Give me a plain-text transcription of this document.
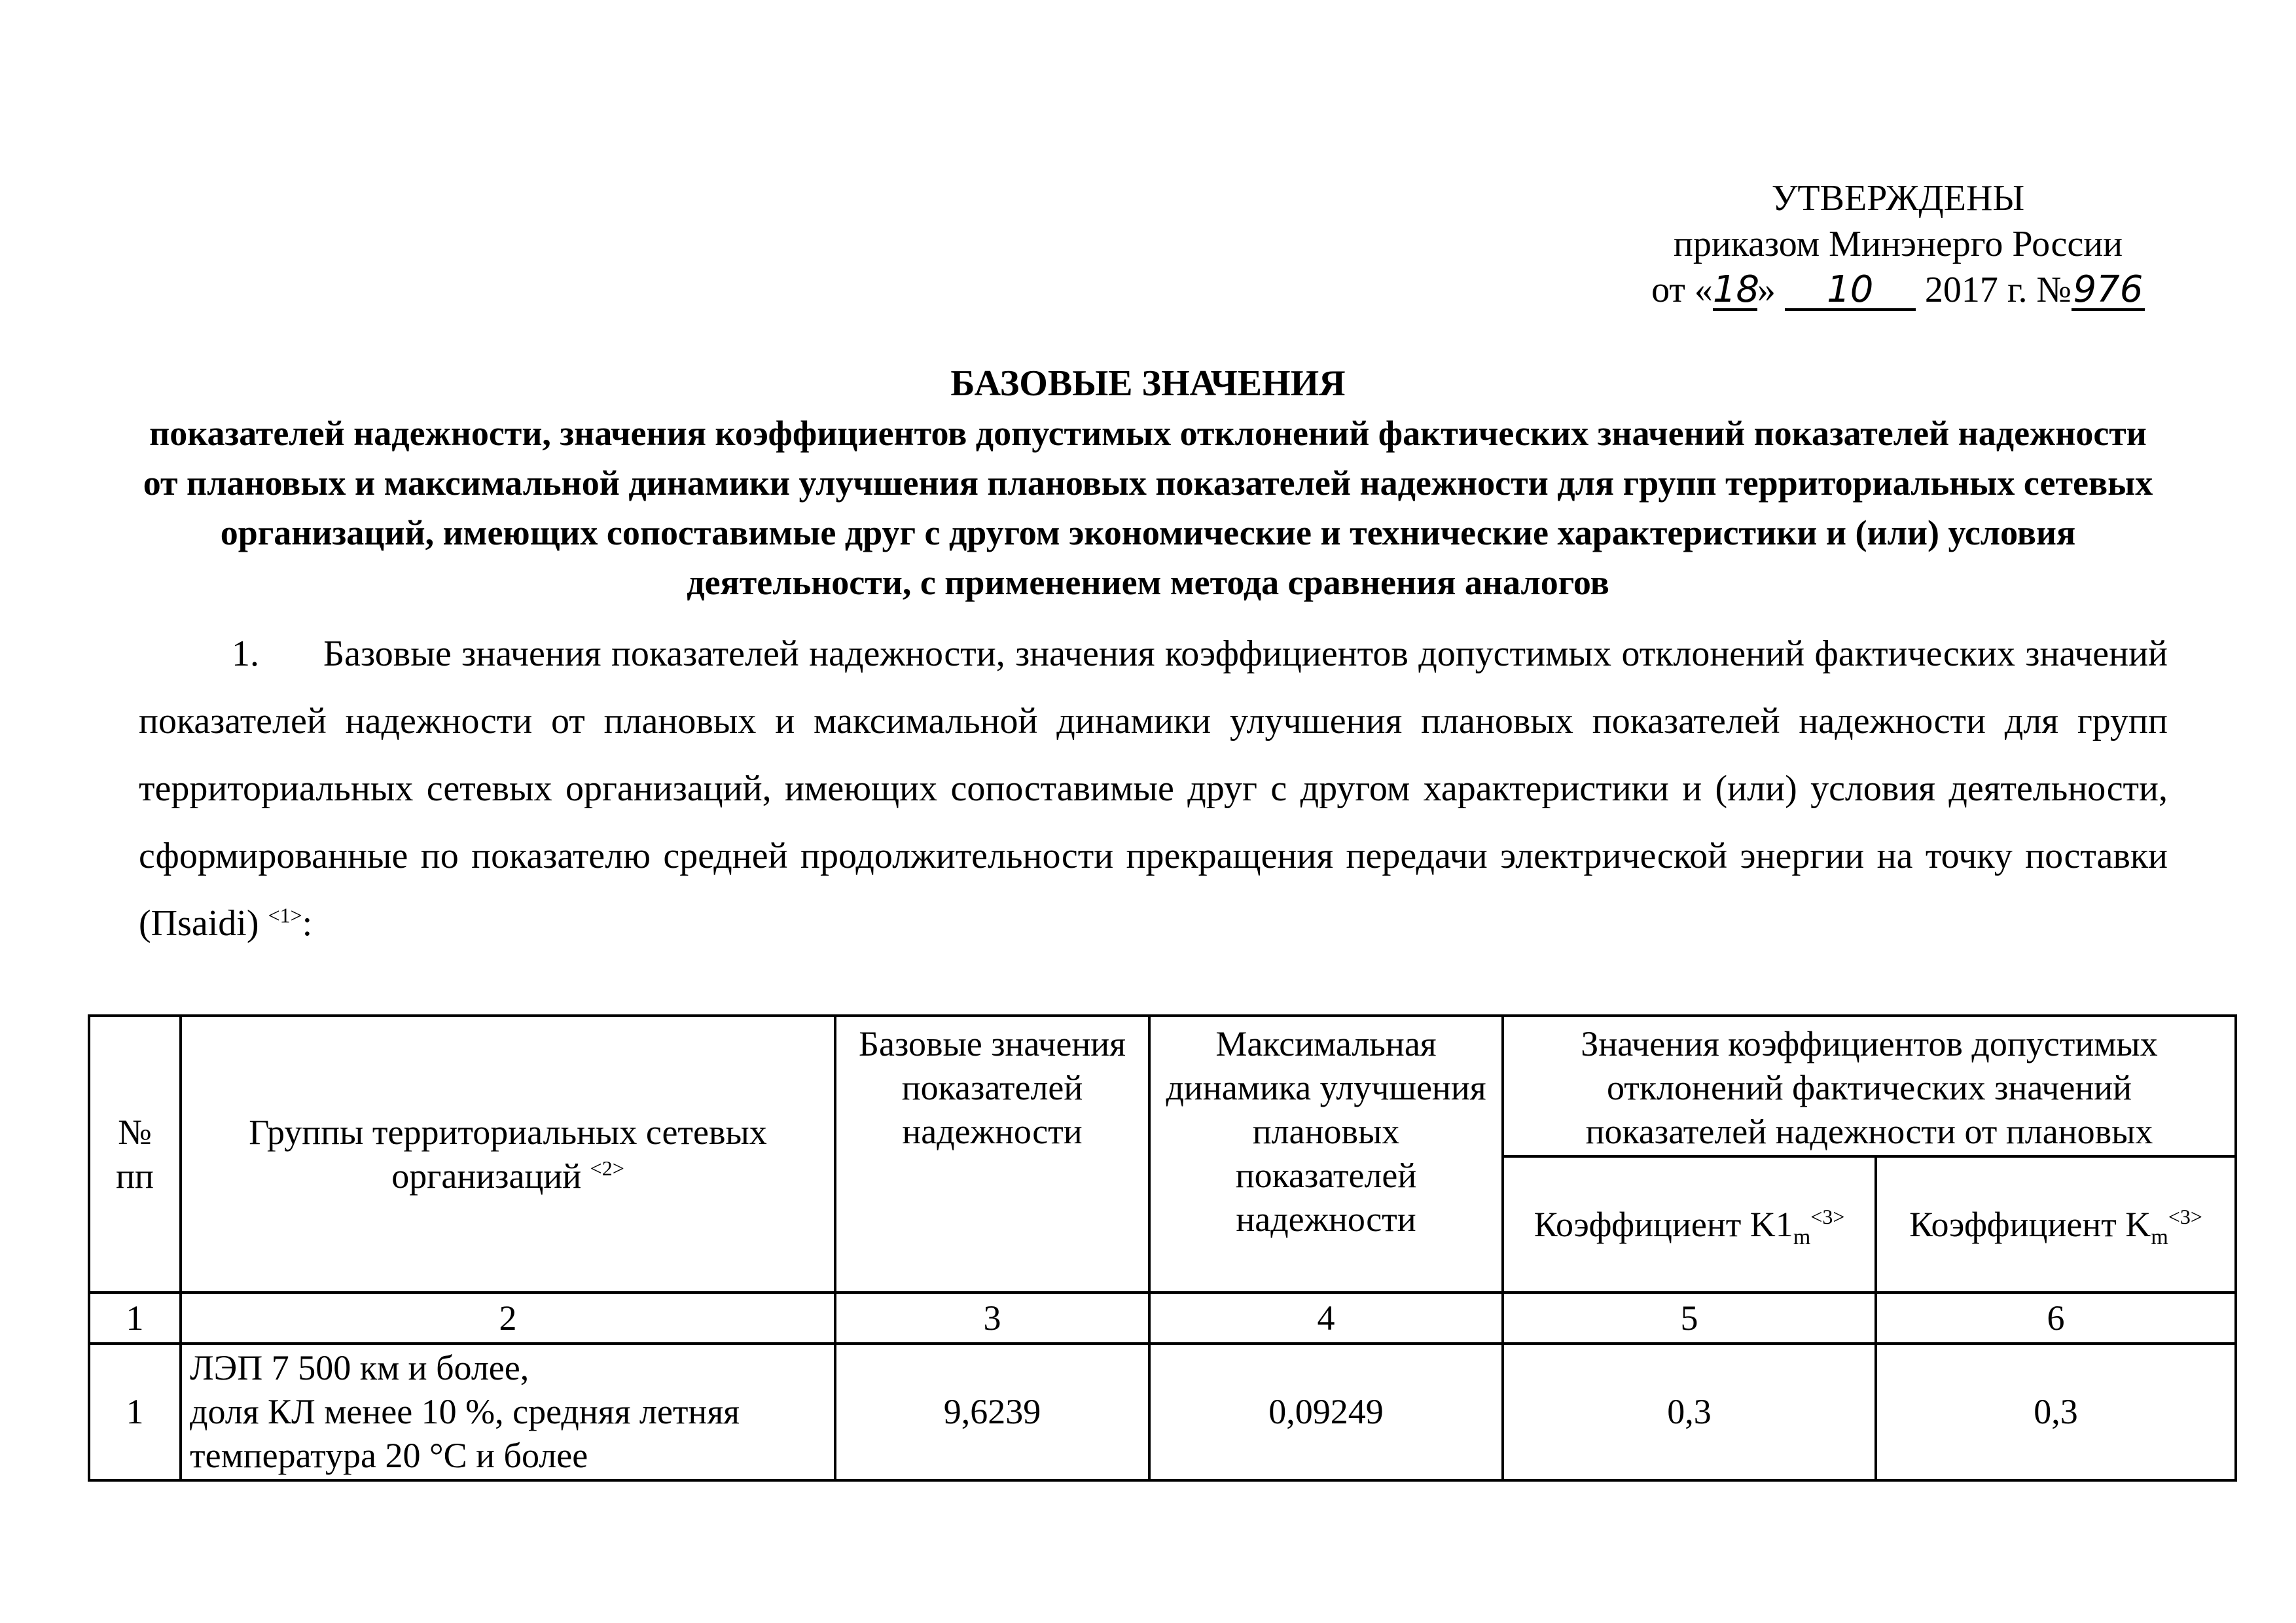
УТВЕРЖДЕНЫ
приказом Минэнерго России
от «18» 10 2017 г. №976
БАЗОВЫЕ ЗНАЧЕНИЯ
показателей надежности, значения коэффициентов допустимых отклонений фактических значений показателей надежности от плановых и максимальной динамики улучшения плановых показателей надежности для групп территориальных сетевых организаций, имеющих сопоставимые друг с другом экономические и технические характеристики и (или) условия деятельности, с применением метода сравнения аналогов
1. Базовые значения показателей надежности, значения коэффициентов допустимых отклонений фактических значений показателей надежности от плановых и максимальной динамики улучшения плановых показателей надежности для групп территориальных сетевых организаций, имеющих сопоставимые друг с другом характеристики и (или) условия деятельности, сформированные по показателю средней продолжительности прекращения передачи электрической энергии на точку поставки (Пsaidi) $^{<1>}$:
№ пп	Группы территориальных сетевых организаций $^{<2>}$	Базовые значения показателей надежности	Максимальная динамика улучшения плановых показателей надежности	Значения коэффициентов допустимых отклонений фактических значений показателей надежности от плановых	
				Коэффициент $K1_m^{<3>}$	Коэффициент $K_m^{<3>}$
1	2	3	4	5	6
1	ЛЭП 7 500 км и более,
доля КЛ менее 10 %, средняя летняя
температура 20 °С и более	9,6239	0,09249	0,3	0,3
